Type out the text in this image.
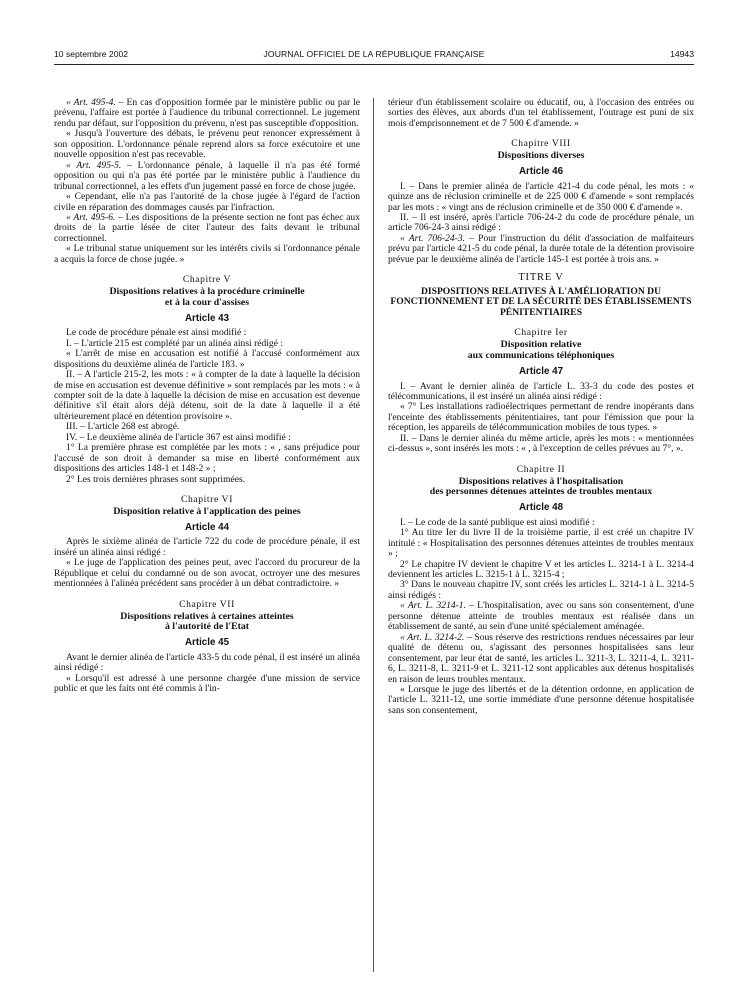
10 septembre 2002	JOURNAL OFFICIEL DE LA RÉPUBLIQUE FRANÇAISE	14943

« Art. 495-4. – En cas d'opposition formée par le ministère public ou par le prévenu, l'affaire est portée à l'audience du tribunal correctionnel. Le jugement rendu par défaut, sur l'opposition du prévenu, n'est pas susceptible d'opposition.

« Jusqu'à l'ouverture des débats, le prévenu peut renoncer expressément à son opposition. L'ordonnance pénale reprend alors sa force exécutoire et une nouvelle opposition n'est pas recevable.

« Art. 495-5. – L'ordonnance pénale, à laquelle il n'a pas été formé opposition ou qui n'a pas été portée par le ministère public à l'audience du tribunal correctionnel, a les effets d'un jugement passé en force de chose jugée.

« Cependant, elle n'a pas l'autorité de la chose jugée à l'égard de l'action civile en réparation des dommages causés par l'infraction.

« Art. 495-6. – Les dispositions de la présente section ne font pas échec aux droits de la partie lésée de citer l'auteur des faits devant le tribunal correctionnel.

« Le tribunal statue uniquement sur les intérêts civils si l'ordonnance pénale a acquis la force de chose jugée. »

Chapitre V
Dispositions relatives à la procédure criminelle
et à la cour d'assises
Article 43

Le code de procédure pénale est ainsi modifié :

I. – L'article 215 est complété par un alinéa ainsi rédigé :

« L'arrêt de mise en accusation est notifié à l'accusé conformément aux dispositions du deuxième alinéa de l'article 183. »

II. – A l'article 215-2, les mots : « à compter de la date à laquelle la décision de mise en accusation est devenue définitive » sont remplacés par les mots : « à compter soit de la date à laquelle la décision de mise en accusation est devenue définitive s'il était alors déjà détenu, soit de la date à laquelle il a été ultérieurement placé en détention provisoire ».

III. – L'article 268 est abrogé.

IV. – Le deuxième alinéa de l'article 367 est ainsi modifié :

1° La première phrase est complétée par les mots : « , sans préjudice pour l'accusé de son droit à demander sa mise en liberté conformément aux dispositions des articles 148-1 et 148-2 » ;

2° Les trois dernières phrases sont supprimées.

Chapitre VI
Disposition relative à l'application des peines
Article 44

Après le sixième alinéa de l'article 722 du code de procédure pénale, il est inséré un alinéa ainsi rédigé :

« Le juge de l'application des peines peut, avec l'accord du procureur de la République et celui du condamné ou de son avocat, octroyer une des mesures mentionnées à l'alinéa précédent sans procéder à un débat contradictoire. »

Chapitre VII
Dispositions relatives à certaines atteintes
à l'autorité de l'Etat
Article 45

Avant le dernier alinéa de l'article 433-5 du code pénal, il est inséré un alinéa ainsi rédigé :

« Lorsqu'il est adressé à une personne chargée d'une mission de service public et que les faits ont été commis à l'in-

térieur d'un établissement scolaire ou éducatif, ou, à l'occasion des entrées ou sorties des élèves, aux abords d'un tel établissement, l'outrage est puni de six mois d'emprisonnement et de 7 500 € d'amende. »

Chapitre VIII
Dispositions diverses
Article 46

I. – Dans le premier alinéa de l'article 421-4 du code pénal, les mots : « quinze ans de réclusion criminelle et de 225 000 € d'amende » sont remplacés par les mots : « vingt ans de réclusion criminelle et de 350 000 € d'amende ».

II. – Il est inséré, après l'article 706-24-2 du code de procédure pénale, un article 706-24-3 ainsi rédigé :

« Art. 706-24-3. – Pour l'instruction du délit d'association de malfaiteurs prévu par l'article 421-5 du code pénal, la durée totale de la détention provisoire prévue par le deuxième alinéa de l'article 145-1 est portée à trois ans. »

TITRE V
DISPOSITIONS RELATIVES À L'AMÉLIORATION DU FONCTIONNEMENT ET DE LA SÉCURITÉ DES ÉTABLISSEMENTS PÉNITENTIAIRES
Chapitre Ier
Disposition relative
aux communications téléphoniques
Article 47

I. – Avant le dernier alinéa de l'article L. 33-3 du code des postes et télécommunications, il est inséré un alinéa ainsi rédigé :

« 7° Les installations radioélectriques permettant de rendre inopérants dans l'enceinte des établissements pénitentiaires, tant pour l'émission que pour la réception, les appareils de télécommunication mobiles de tous types. »

II. – Dans le dernier alinéa du même article, après les mots : « mentionnées ci-dessus », sont insérés les mots : « , à l'exception de celles prévues au 7°, ».

Chapitre II
Dispositions relatives à l'hospitalisation
des personnes détenues atteintes de troubles mentaux
Article 48

I. – Le code de la santé publique est ainsi modifié :

1° Au titre Ier du livre II de la troisième partie, il est créé un chapitre IV intitulé : « Hospitalisation des personnes détenues atteintes de troubles mentaux » ;

2° Le chapitre IV devient le chapitre V et les articles L. 3214-1 à L. 3214-4 deviennent les articles L. 3215-1 à L. 3215-4 ;

3° Dans le nouveau chapitre IV, sont créés les articles L. 3214-1 à L. 3214-5 ainsi rédigés :

« Art. L. 3214-1. – L'hospitalisation, avec ou sans son consentement, d'une personne détenue atteinte de troubles mentaux est réalisée dans un établissement de santé, au sein d'une unité spécialement aménagée.

« Art. L. 3214-2. – Sous réserve des restrictions rendues nécessaires par leur qualité de détenu ou, s'agissant des personnes hospitalisées sans leur consentement, par leur état de santé, les articles L. 3211-3, L. 3211-4, L. 3211-6, L. 3211-8, L. 3211-9 et L. 3211-12 sont applicables aux détenus hospitalisés en raison de leurs troubles mentaux.

« Lorsque le juge des libertés et de la détention ordonne, en application de l'article L. 3211-12, une sortie immédiate d'une personne détenue hospitalisée sans son consentement,
